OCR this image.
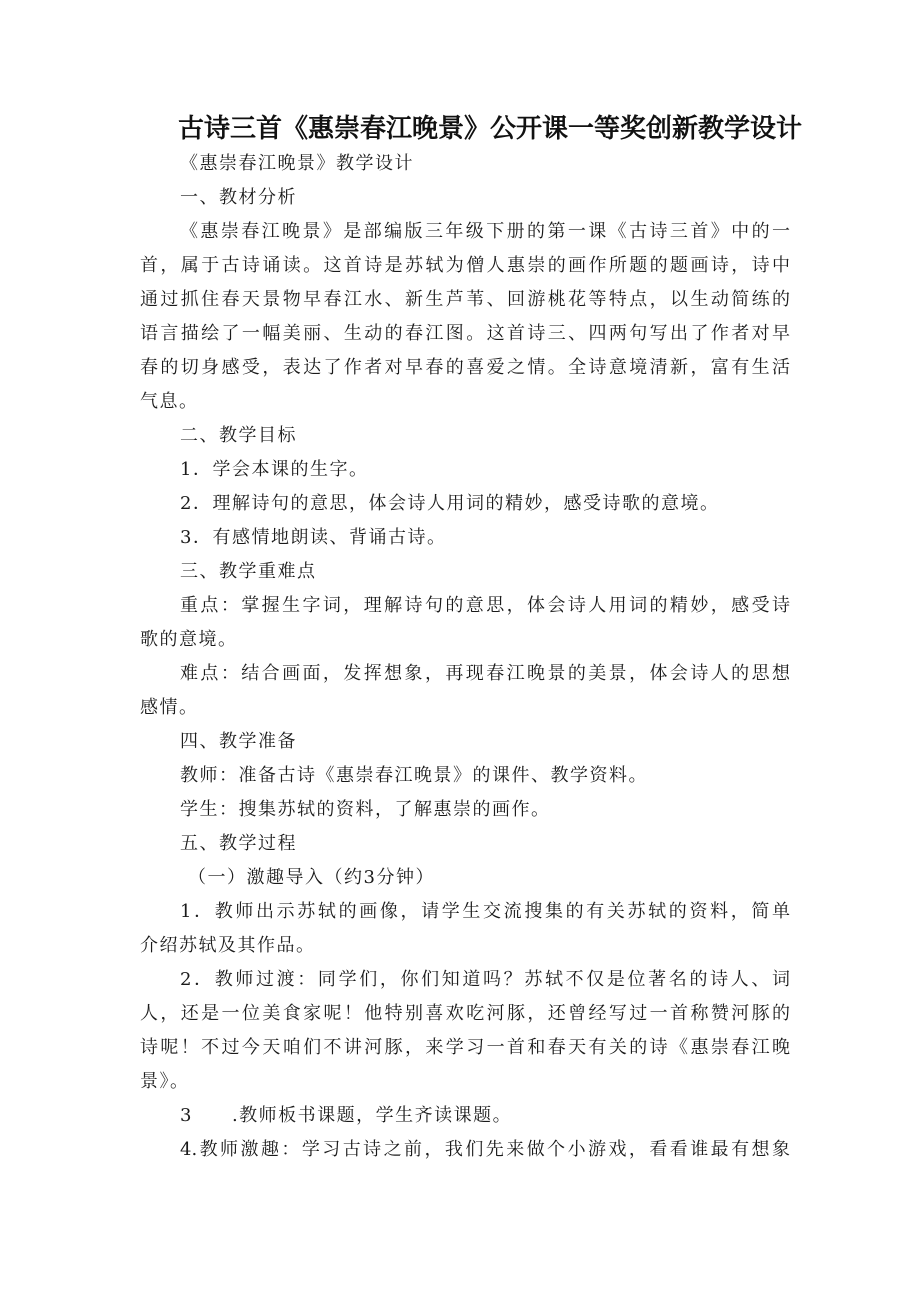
古诗三首《惠崇春江晚景》公开课一等奖创新教学设计
《惠崇春江晚景》教学设计
一、教材分析
《惠崇春江晚景》是部编版三年级下册的第一课《古诗三首》中的一
首，属于古诗诵读。这首诗是苏轼为僧人惠崇的画作所题的题画诗，诗中
通过抓住春天景物早春江水、新生芦苇、回游桃花等特点，以生动简练的
语言描绘了一幅美丽、生动的春江图。这首诗三、四两句写出了作者对早
春的切身感受，表达了作者对早春的喜爱之情。全诗意境清新，富有生活
气息。
二、教学目标
1．学会本课的生字。
2．理解诗句的意思，体会诗人用词的精妙，感受诗歌的意境。
3．有感情地朗读、背诵古诗。
三、教学重难点
重点：掌握生字词，理解诗句的意思，体会诗人用词的精妙，感受诗
歌的意境。
难点：结合画面，发挥想象，再现春江晚景的美景，体会诗人的思想
感情。
四、教学准备
教师：准备古诗《惠崇春江晚景》的课件、教学资料。
学生：搜集苏轼的资料，了解惠崇的画作。
五、教学过程
（一）激趣导入（约3分钟）
1．教师出示苏轼的画像，请学生交流搜集的有关苏轼的资料，简单
介绍苏轼及其作品。
2．教师过渡：同学们，你们知道吗？苏轼不仅是位著名的诗人、词
人，还是一位美食家呢！他特别喜欢吃河豚，还曾经写过一首称赞河豚的
诗呢！不过今天咱们不讲河豚，来学习一首和春天有关的诗《惠崇春江晚
景》。
3　　.教师板书课题，学生齐读课题。
4.教师激趣：学习古诗之前，我们先来做个小游戏，看看谁最有想象
